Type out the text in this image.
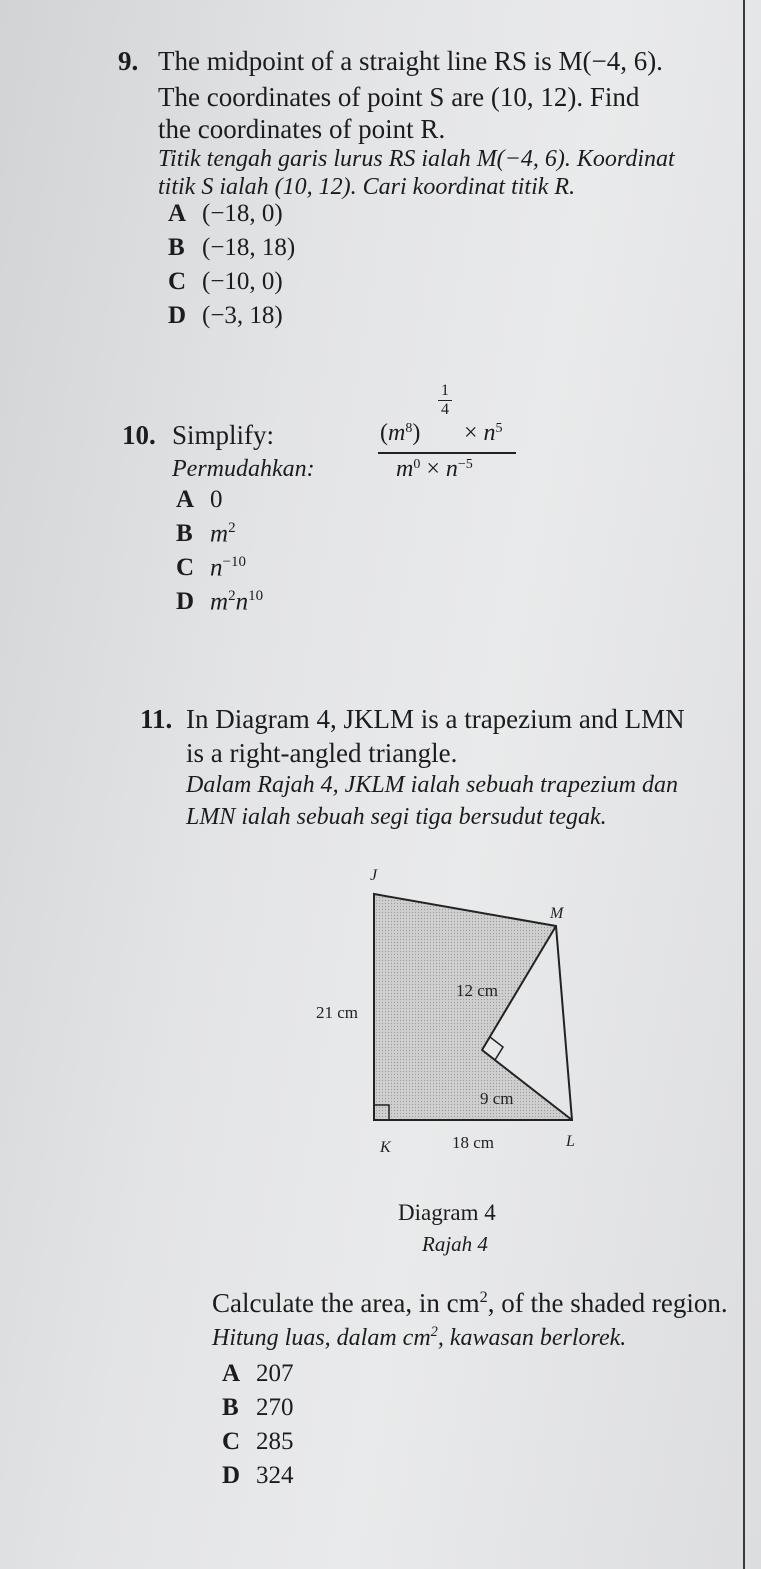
9. The midpoint of a straight line RS is M(−4, 6).
The coordinates of point S are (10, 12). Find
the coordinates of point R.
Titik tengah garis lurus RS ialah M(−4, 6). Koordinat
titik S ialah (10, 12). Cari koordinat titik R.
A (−18, 0)
B (−18, 18)
C (−10, 0)
D (−3, 18)
10. Simplify:
Permudahkan:
$(m^8)$
1
4
× $n^5$
$m^0 \times n^{-5}$
A 0
B $m^2$
C $n^{-10}$
D $m^2n^{10}$
11. In Diagram 4, JKLM is a trapezium and LMN
is a right-angled triangle.
Dalam Rajah 4, JKLM ialah sebuah trapezium dan
LMN ialah sebuah segi tiga bersudut tegak.
J
M
K	L
21 cm
12 cm
9 cm
18 cm
Diagram 4
Rajah 4
Calculate the area, in $cm^2$, of the shaded region.
Hitung luas, dalam $cm^2$, kawasan berlorek.
A 207
B 270
C 285
D 324
